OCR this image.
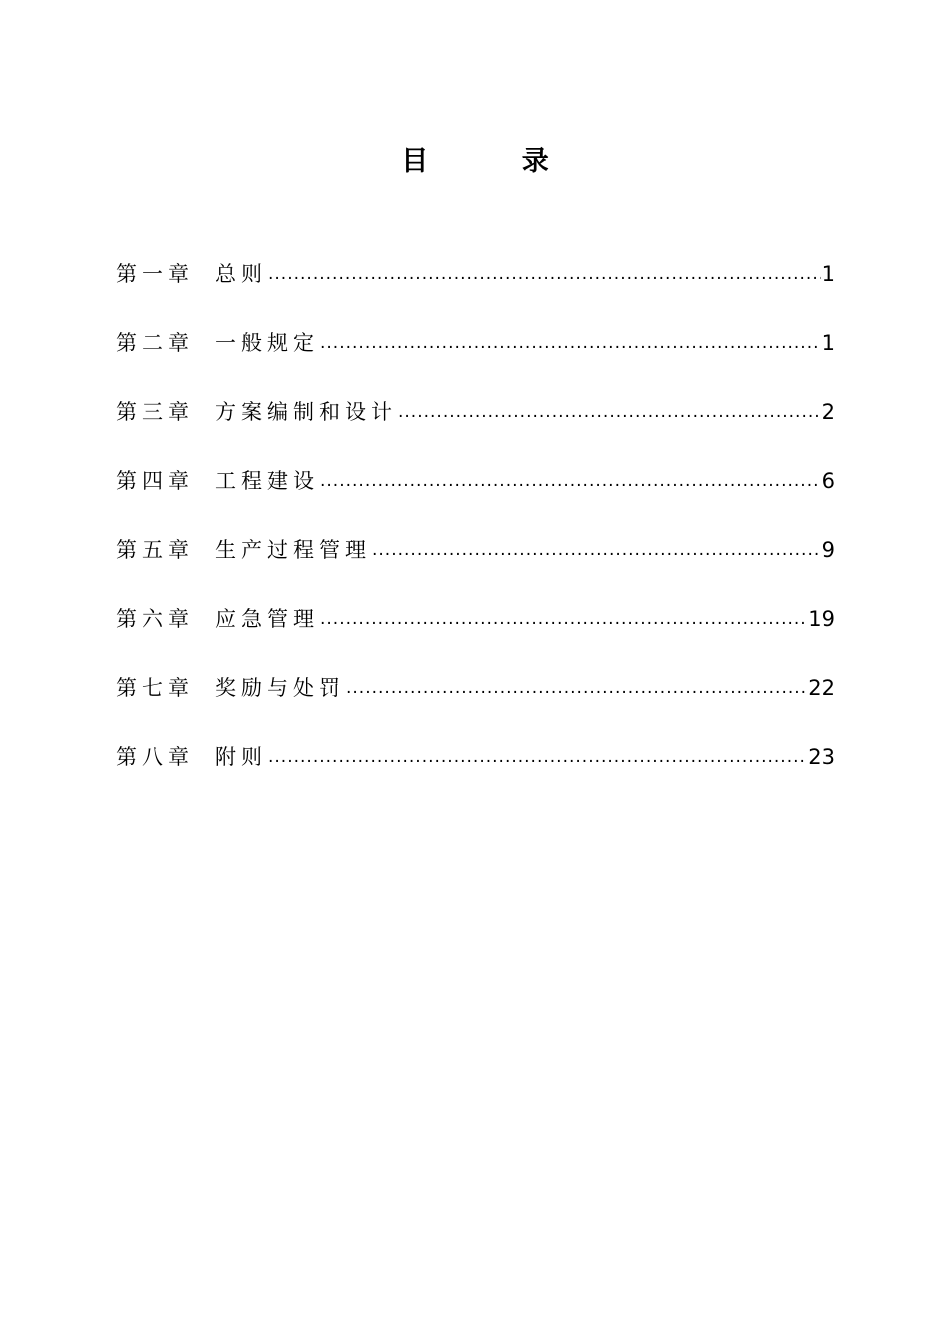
目 录
第一章	总则 .....	1
第二章	一般规定 .....	1
第三章	方案编制和设计 .....	2
第四章	工程建设 .....	6
第五章	生产过程管理 .....	9
第六章	应急管理 .....	19
第七章	奖励与处罚 .....	22
第八章	附则 .....	23
